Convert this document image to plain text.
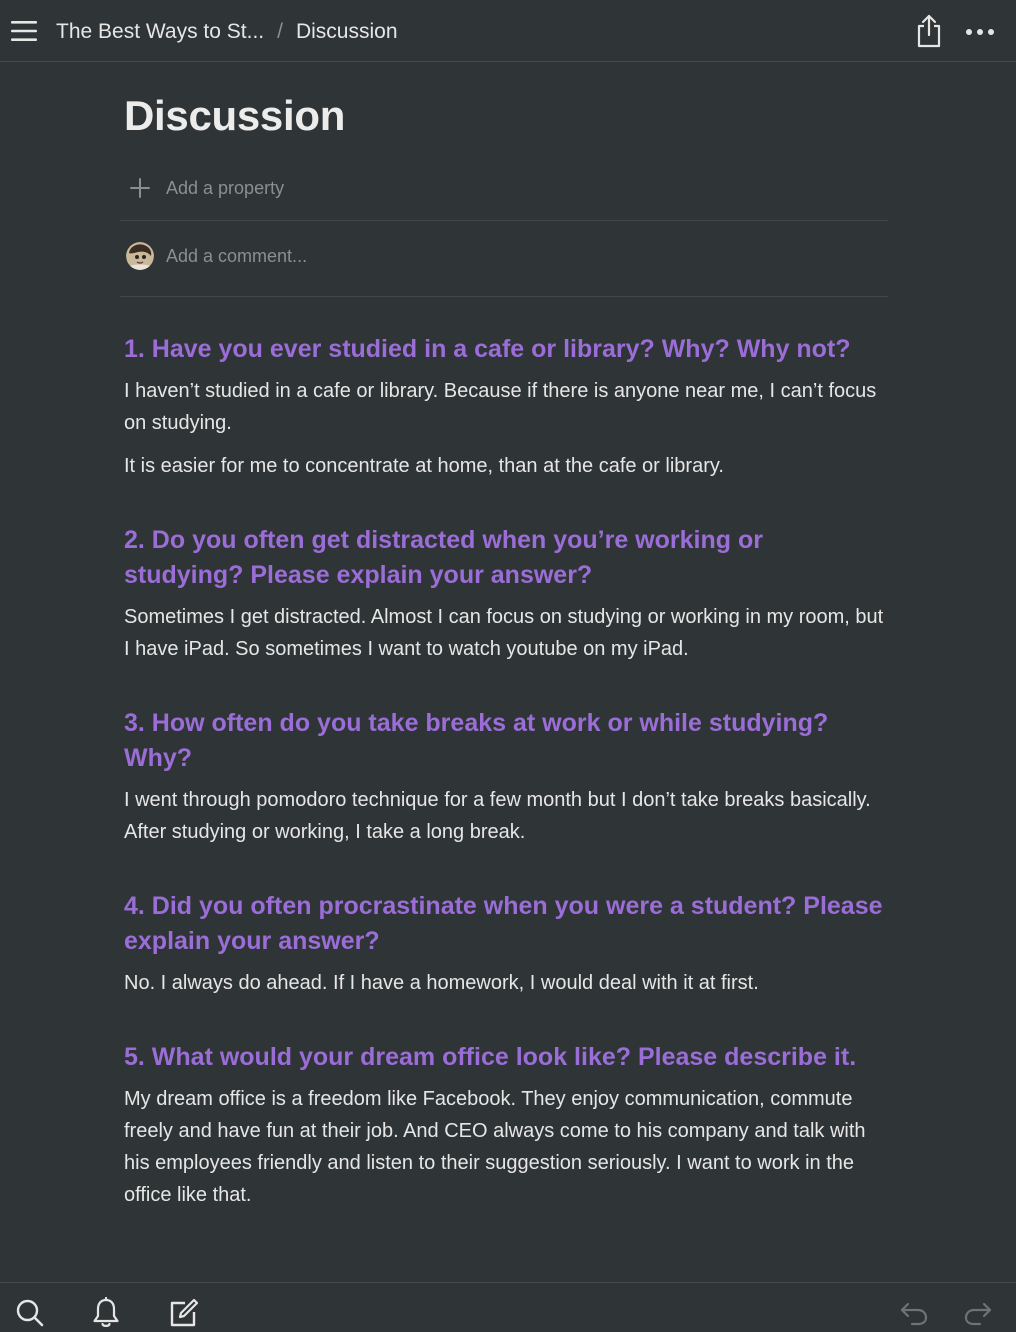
The Best Ways to St... / Discussion
Discussion
Add a property
Add a comment...
1. Have you ever studied in a cafe or library? Why? Why not?

I haven’t studied in a cafe or library. Because if there is anyone near me, I can’t focus on studying.

It is easier for me to concentrate at home, than at the cafe or library.

2. Do you often get distracted when you’re working or studying? Please explain your answer?

Sometimes I get distracted. Almost I can focus on studying or working in my room, but I have iPad. So sometimes I want to watch youtube on my iPad.

3. How often do you take breaks at work or while studying? Why?

I went through pomodoro technique for a few month but I don’t take breaks basically. After studying or working, I take a long break.

4. Did you often procrastinate when you were a student? Please explain your answer?

No. I always do ahead. If I have a homework, I would deal with it at first.

5. What would your dream office look like? Please describe it.

My dream office is a freedom like Facebook. They enjoy communication, commute freely and have fun at their job. And CEO always come to his company and talk with his employees friendly and listen to their suggestion seriously. I want to work in the office like that.
